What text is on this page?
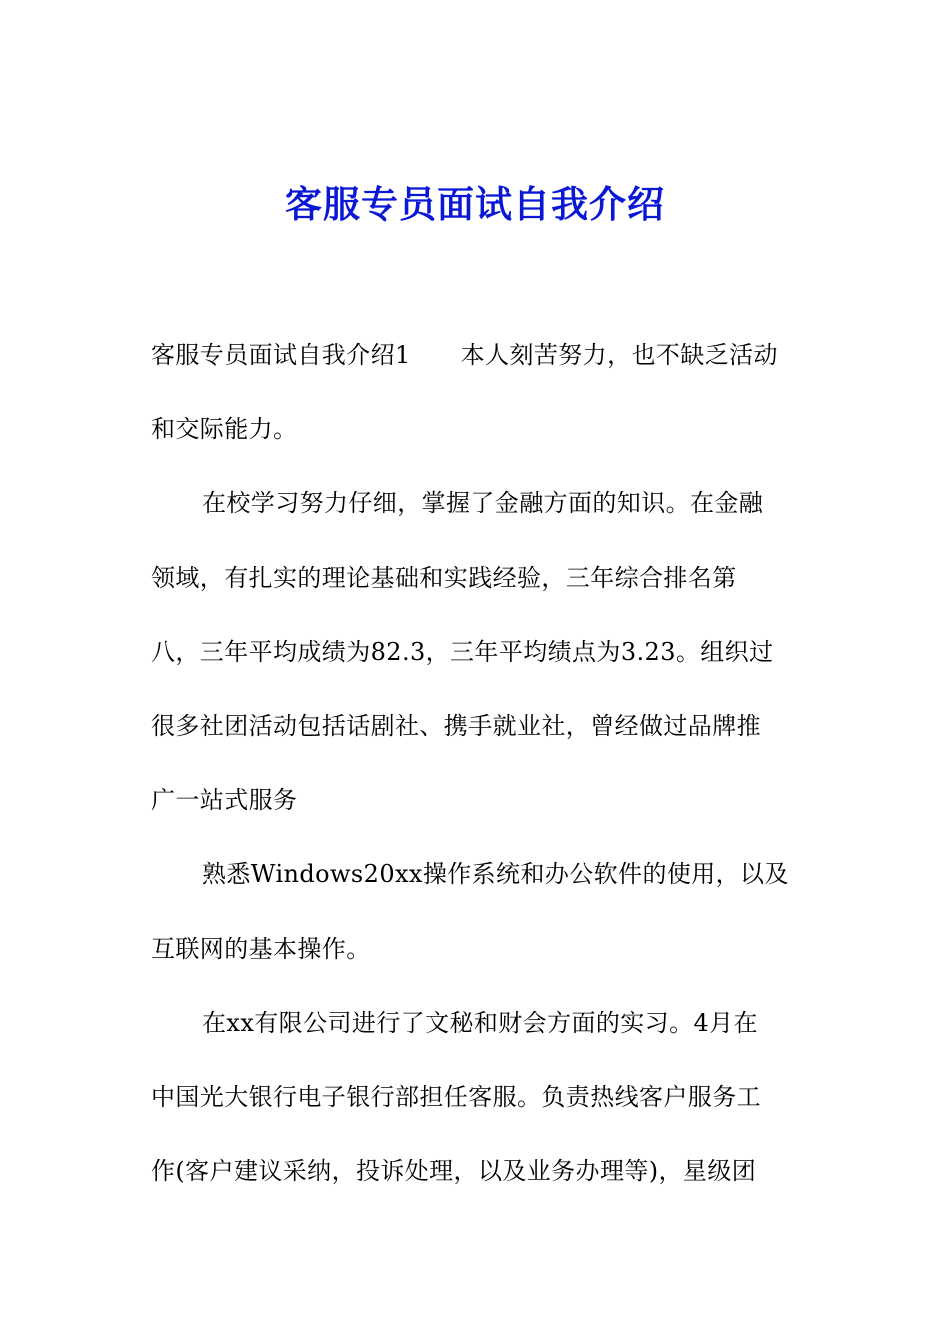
客服专员面试自我介绍
客服专员面试自我介绍1 本人刻苦努力，也不缺乏活动
和交际能力。
在校学习努力仔细，掌握了金融方面的知识。在金融
领域，有扎实的理论基础和实践经验，三年综合排名第
八，三年平均成绩为82.3，三年平均绩点为3.23。组织过
很多社团活动包括话剧社、携手就业社，曾经做过品牌推
广一站式服务
熟悉Windows20xx操作系统和办公软件的使用，以及
互联网的基本操作。
在xx有限公司进行了文秘和财会方面的实习。4月在
中国光大银行电子银行部担任客服。负责热线客户服务工
作(客户建议采纳，投诉处理，以及业务办理等)，星级团
